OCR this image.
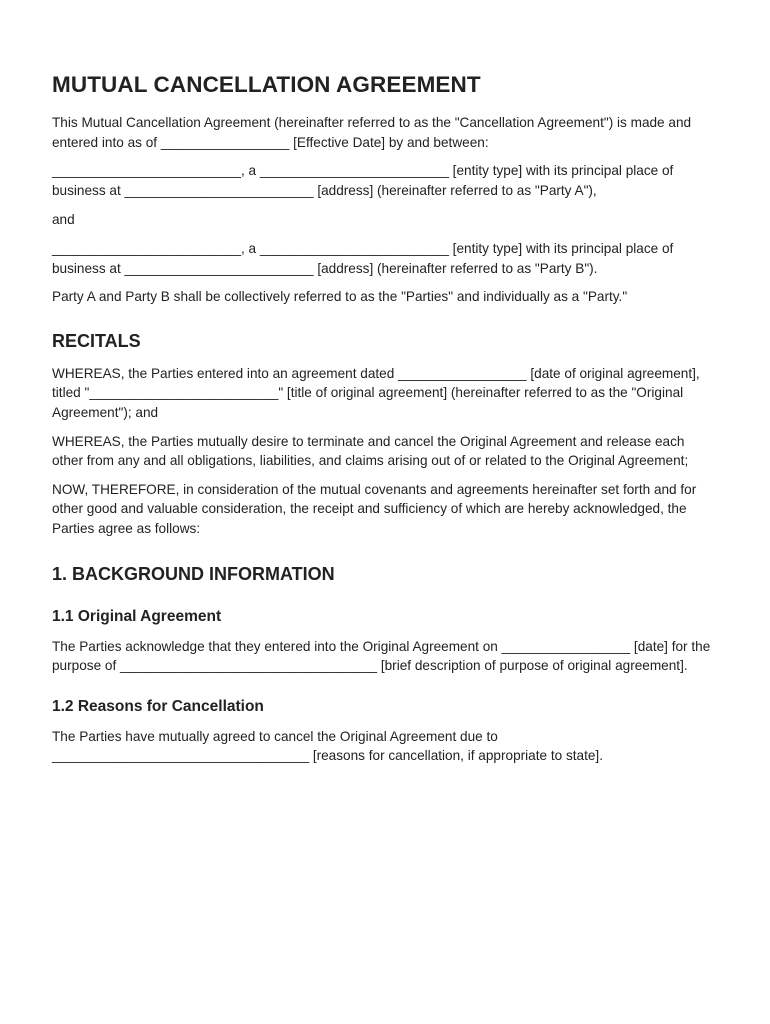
MUTUAL CANCELLATION AGREEMENT

This Mutual Cancellation Agreement (hereinafter referred to as the "Cancellation Agreement") is made and entered into as of _________________ [Effective Date] by and between:

_________________________, a _________________________ [entity type] with its principal place of business at _________________________ [address] (hereinafter referred to as "Party A"),

and

_________________________, a _________________________ [entity type] with its principal place of business at _________________________ [address] (hereinafter referred to as "Party B").

Party A and Party B shall be collectively referred to as the "Parties" and individually as a "Party."

RECITALS

WHEREAS, the Parties entered into an agreement dated _________________ [date of original agreement], titled "_________________________" [title of original agreement] (hereinafter referred to as the "Original Agreement"); and

WHEREAS, the Parties mutually desire to terminate and cancel the Original Agreement and release each other from any and all obligations, liabilities, and claims arising out of or related to the Original Agreement;

NOW, THEREFORE, in consideration of the mutual covenants and agreements hereinafter set forth and for other good and valuable consideration, the receipt and sufficiency of which are hereby acknowledged, the Parties agree as follows:

1. BACKGROUND INFORMATION
1.1 Original Agreement

The Parties acknowledge that they entered into the Original Agreement on _________________ [date] for the purpose of __________________________________ [brief description of purpose of original agreement].

1.2 Reasons for Cancellation

The Parties have mutually agreed to cancel the Original Agreement due to __________________________________ [reasons for cancellation, if appropriate to state].
